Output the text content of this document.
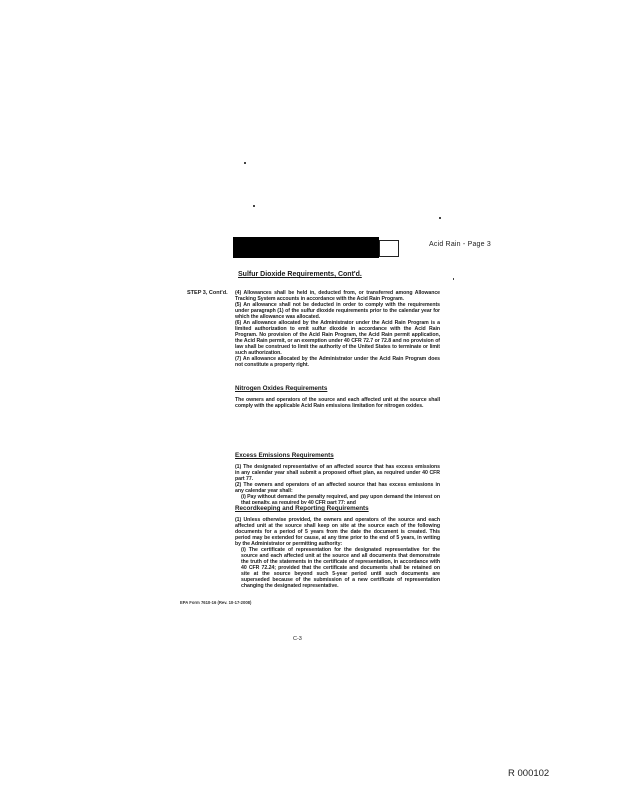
Acid Rain - Page 3
Sulfur Dioxide Requirements, Cont'd.
STEP 3, Cont'd. (4) Allowances shall be held in, deducted from, or transferred among Allowance Tracking System accounts in accordance with the Acid Rain Program.

(5) An allowance shall not be deducted in order to comply with the requirements under paragraph (1) of the sulfur dioxide requirements prior to the calendar year for which the allowance was allocated.

(6) An allowance allocated by the Administrator under the Acid Rain Program is a limited authorization to emit sulfur dioxide in accordance with the Acid Rain Program. No provision of the Acid Rain Program, the Acid Rain permit application, the Acid Rain permit, or an exemption under 40 CFR 72.7 or 72.8 and no provision of law shall be construed to limit the authority of the United States to terminate or limit such authorization.

(7) An allowance allocated by the Administrator under the Acid Rain Program does not constitute a property right.

Nitrogen Oxides Requirements

The owners and operators of the source and each affected unit at the source shall comply with the applicable Acid Rain emissions limitation for nitrogen oxides.

Excess Emissions Requirements

(1) The designated representative of an affected source that has excess emissions in any calendar year shall submit a proposed offset plan, as required under 40 CFR part 77.

(2) The owners and operators of an affected source that has excess emissions in any calendar year shall:

(i) Pay without demand the penalty required, and pay upon demand the interest on that penalty, as required by 40 CFR part 77; and

Recordkeeping and Reporting Requirements

(1) Unless otherwise provided, the owners and operators of the source and each affected unit at the source shall keep on site at the source each of the following documents for a period of 5 years from the date the document is created. This period may be extended for cause, at any time prior to the end of 5 years, in writing by the Administrator or permitting authority:

(i) The certificate of representation for the designated representative for the source and each affected unit at the source and all documents that demonstrate the truth of the statements in the certificate of representation, in accordance with 40 CFR 72.24; provided that the certificate and documents shall be retained on site at the source beyond such 5-year period until such documents are superseded because of the submission of a new certificate of representation changing the designated representative.

EPA Form 7610-16 (Rev. 10-17-2008)
C-3
R 000102
